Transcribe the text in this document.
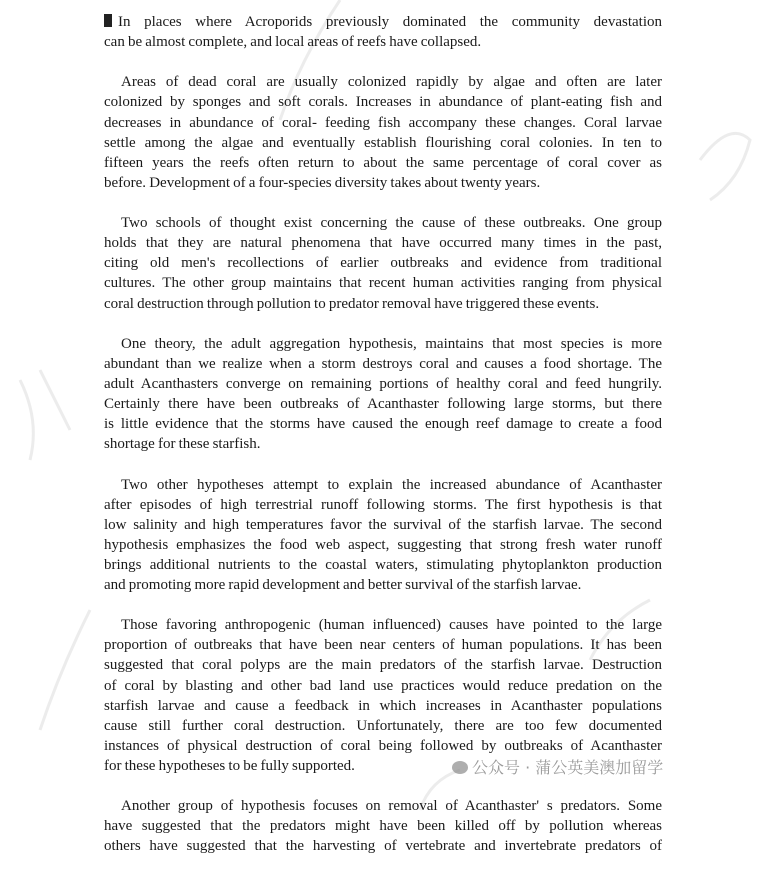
In places where Acroporids previously dominated the community devastation
can be almost complete, and local areas of reefs have collapsed.
Areas of dead coral are usually colonized rapidly by algae and often are later
colonized by sponges and soft corals. Increases in abundance of plant-eating fish and
decreases in abundance of coral- feeding fish accompany these changes. Coral larvae
settle among the algae and eventually establish flourishing coral colonies. In ten to
fifteen years the reefs often return to about the same percentage of coral cover as
before. Development of a four-species diversity takes about twenty years.
Two schools of thought exist concerning the cause of these outbreaks. One group
holds that they are natural phenomena that have occurred many times in the past,
citing old men's recollections of earlier outbreaks and evidence from traditional
cultures. The other group maintains that recent human activities ranging from physical
coral destruction through pollution to predator removal have triggered these events.
One theory, the adult aggregation hypothesis, maintains that most species is more
abundant than we realize when a storm destroys coral and causes a food shortage. The
adult Acanthasters converge on remaining portions of healthy coral and feed hungrily.
Certainly there have been outbreaks of Acanthaster following large storms, but there
is little evidence that the storms have caused the enough reef damage to create a food
shortage for these starfish.
Two other hypotheses attempt to explain the increased abundance of Acanthaster
after episodes of high terrestrial runoff following storms. The first hypothesis is that
low salinity and high temperatures favor the survival of the starfish larvae. The second
hypothesis emphasizes the food web aspect, suggesting that strong fresh water runoff
brings additional nutrients to the coastal waters, stimulating phytoplankton production
and promoting more rapid development and better survival of the starfish larvae.
Those favoring anthropogenic (human influenced) causes have pointed to the large
proportion of outbreaks that have been near centers of human populations. It has been
suggested that coral polyps are the main predators of the starfish larvae. Destruction
of coral by blasting and other bad land use practices would reduce predation on the
starfish larvae and cause a feedback in which increases in Acanthaster populations
cause still further coral destruction. Unfortunately, there are too few documented
instances of physical destruction of coral being followed by outbreaks of Acanthaster
for these hypotheses to be fully supported.
Another group of hypothesis focuses on removal of Acanthaster' s predators. Some
have suggested that the predators might have been killed off by pollution whereas
others have suggested that the harvesting of vertebrate and invertebrate predators of
公众号 · 蒲公英美澳加留学
